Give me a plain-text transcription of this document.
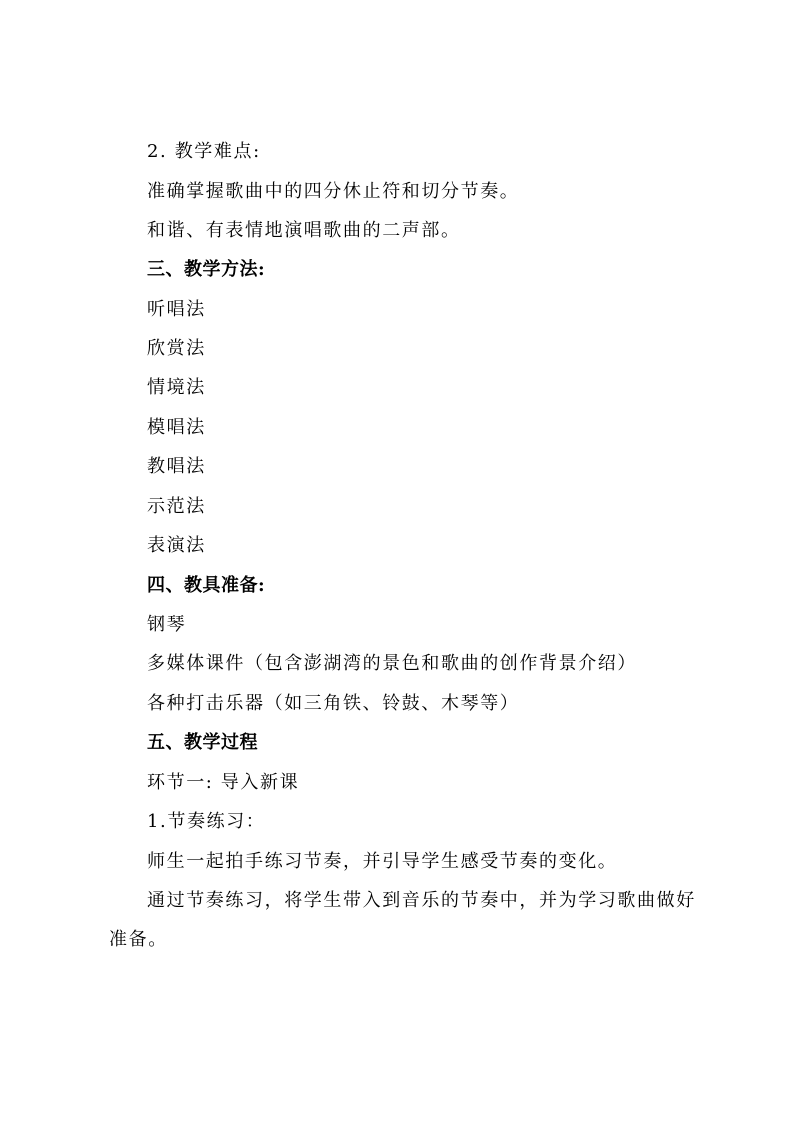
2. 教学难点:
准确掌握歌曲中的四分休止符和切分节奏。
和谐、有表情地演唱歌曲的二声部。
三、教学方法:
听唱法
欣赏法
情境法
模唱法
教唱法
示范法
表演法
四、教具准备:
钢琴
多媒体课件（包含澎湖湾的景色和歌曲的创作背景介绍）
各种打击乐器（如三角铁、铃鼓、木琴等）
五、教学过程
环节一: 导入新课
1.节奏练习：
师生一起拍手练习节奏，并引导学生感受节奏的变化。
通过节奏练习，将学生带入到音乐的节奏中，并为学习歌曲做好准备。
